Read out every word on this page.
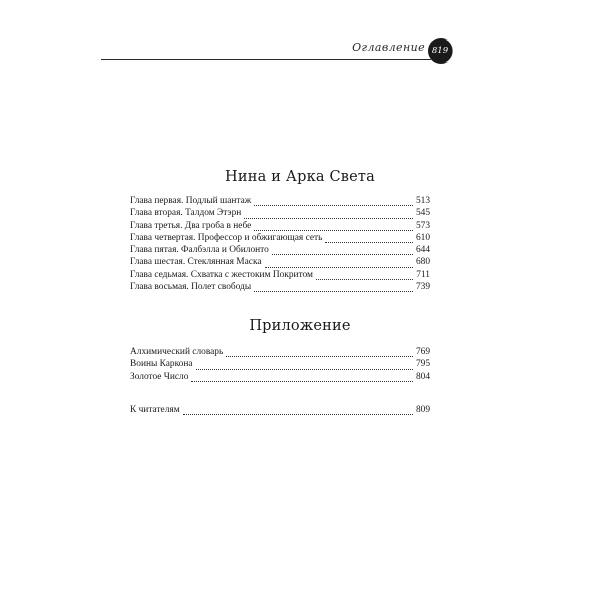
Оглавление 819
Нина и Арка Света
Глава первая. Подлый шантаж	513
Глава вторая. Талдом Этэрн	545
Глава третья. Два гроба в небе	573
Глава четвертая. Профессор и обжигающая сеть	610
Глава пятая. Фалбэлла и Обилонто	644
Глава шестая. Стеклянная Маска	680
Глава седьмая. Схватка с жестоким Покритом	711
Глава восьмая. Полет свободы	739
Приложение
Алхимический словарь	769
Воины Каркона	795
Золотое Число	804
К читателям	809
